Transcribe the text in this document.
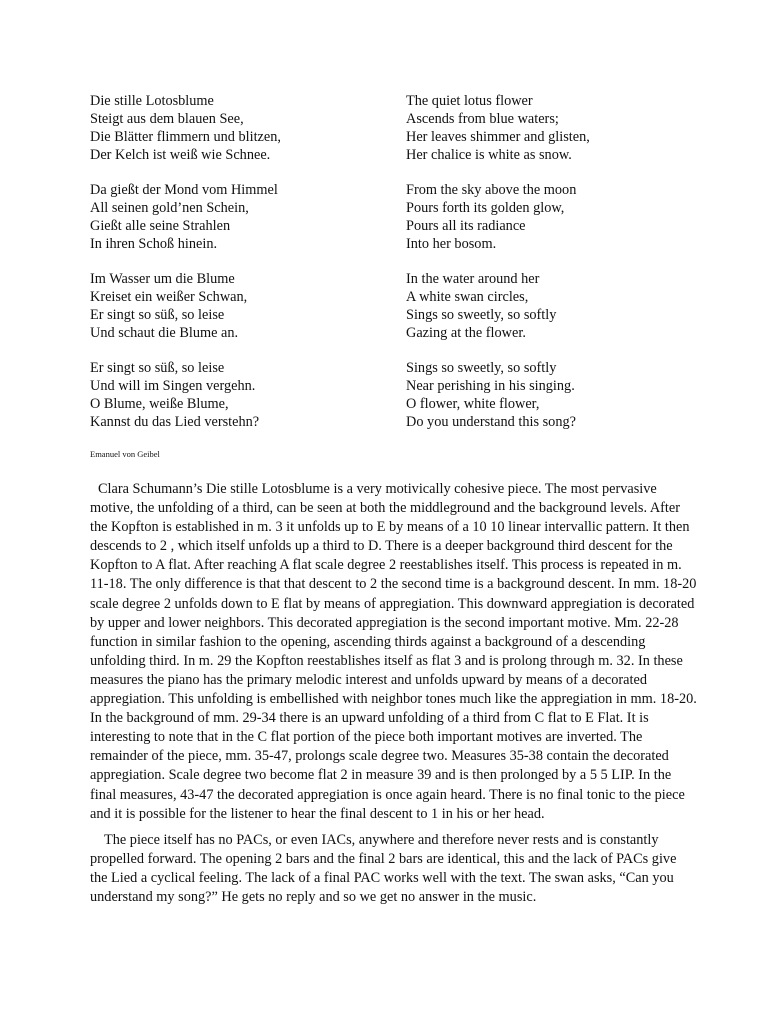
Die stille Lotosblume
Steigt aus dem blauen See,
Die Blätter flimmern und blitzen,
Der Kelch ist weiß wie Schnee.
Da gießt der Mond vom Himmel
All seinen gold’nen Schein,
Gießt alle seine Strahlen
In ihren Schoß hinein.
Im Wasser um die Blume
Kreiset ein weißer Schwan,
Er singt so süß, so leise
Und schaut die Blume an.
Er singt so süß, so leise
Und will im Singen vergehn.
O Blume, weiße Blume,
Kannst du das Lied verstehn?
The quiet lotus flower
Ascends from blue waters;
Her leaves shimmer and glisten,
Her chalice is white as snow.
From the sky above the moon
Pours forth its golden glow,
Pours all its radiance
Into her bosom.
In the water around her
A white swan circles,
Sings so sweetly, so softly
Gazing at the flower.
Sings so sweetly, so softly
Near perishing in his singing.
O flower, white flower,
Do you understand this song?
Emanuel von Geibel
Clara Schumann’s Die stille Lotosblume is a very motivically cohesive piece. The most pervasive
motive, the unfolding of a third, can be seen at both the middleground and the background levels. After
the Kopfton is established in m. 3 it unfolds up to E by means of a 10 10 linear intervallic pattern. It then
descends to 2 , which itself unfolds up a third to D. There is a deeper background third descent for the
Kopfton to A flat. After reaching A flat scale degree 2 reestablishes itself. This process is repeated in m.
11-18. The only difference is that that descent to 2 the second time is a background descent. In mm. 18-20
scale degree 2 unfolds down to E flat by means of appregiation. This downward appregiation is decorated
by upper and lower neighbors. This decorated appregiation is the second important motive. Mm. 22-28
function in similar fashion to the opening, ascending thirds against a background of a descending
unfolding third. In m. 29 the Kopfton reestablishes itself as flat 3 and is prolong through m. 32. In these
measures the piano has the primary melodic interest and unfolds upward by means of a decorated
appregiation. This unfolding is embellished with neighbor tones much like the appregiation in mm. 18-20.
In the background of mm. 29-34 there is an upward unfolding of a third from C flat to E Flat. It is
interesting to note that in the C flat portion of the piece both important motives are inverted. The
remainder of the piece, mm. 35-47, prolongs scale degree two. Measures 35-38 contain the decorated
appregiation. Scale degree two become flat 2 in measure 39 and is then prolonged by a 5 5 LIP. In the
final measures, 43-47 the decorated appregiation is once again heard. There is no final tonic to the piece
and it is possible for the listener to hear the final descent to 1 in his or her head.
The piece itself has no PACs, or even IACs, anywhere and therefore never rests and is constantly
propelled forward. The opening 2 bars and the final 2 bars are identical, this and the lack of PACs give
the Lied a cyclical feeling. The lack of a final PAC works well with the text. The swan asks, “Can you
understand my song?” He gets no reply and so we get no answer in the music.
